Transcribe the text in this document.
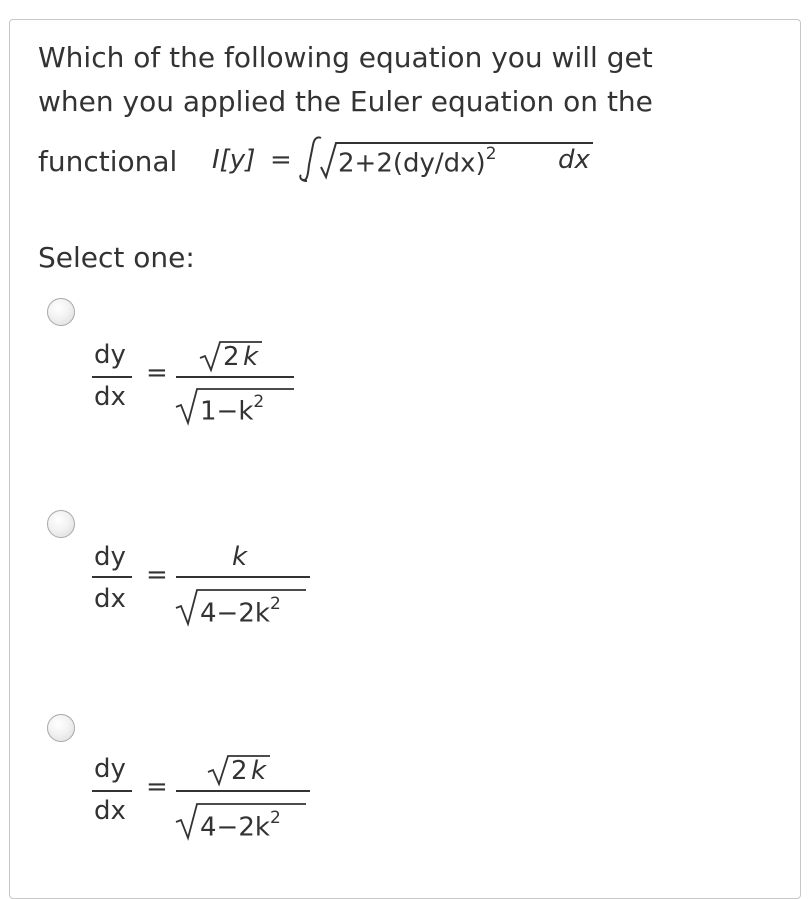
Which of the following equation you will get
when you applied the Euler equation on the
functional $I[y] = 2+2(dy/dx)^2$ dx
Select one:
dy
dx
=
2 k
$1-k^2$
dy
dx
=
k
$4-2k^2$
dy
dx
=
2 k
$4-2k^2$
